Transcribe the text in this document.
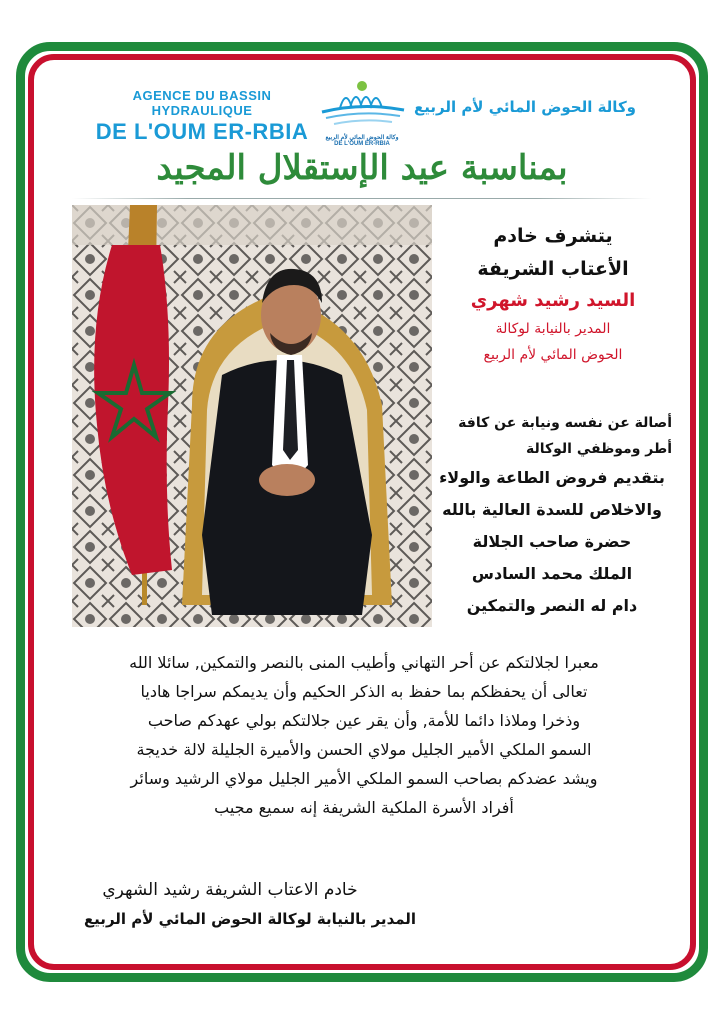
AGENCE DU BASSIN HYDRAULIQUE
DE L'OUM ER-RBIA	وكالة الحوض المائي لأم الربيع
DE L'OUM ER-RBIA
وكالة الحوض المائي لأم الربيع
بمناسبة عيد الإستقلال المجيد
يتشرف خادم
الأعتاب الشريفة
السيد رشيد شهري
المدير بالنيابة لوكالة
الحوض المائي لأم الربيع
أصالة عن نفسه ونيابة عن كافة
أطر وموظفي الوكالة
بتقديم فروض الطاعة والولاء
والاخلاص للسدة العالية بالله
حضرة صاحب الجلالة
الملك محمد السادس
دام له النصر والتمكين
معبرا لجلالتكم عن أحر التهاني وأطيب المنى بالنصر والتمكين, سائلا الله
تعالى أن يحفظكم بما حفظ به الذكر الحكيم وأن يديمكم سراجا هاديا
وذخرا وملاذا دائما للأمة, وأن يقر عين جلالتكم بولي عهدكم صاحب
السمو الملكي الأمير الجليل مولاي الحسن والأميرة الجليلة لالة خديجة
ويشد عضدكم بصاحب السمو الملكي الأمير الجليل مولاي الرشيد وسائر
أفراد الأسرة الملكية الشريفة إنه سميع مجيب
خادم الاعتاب الشريفة رشيد الشهري
المدير بالنيابة لوكالة الحوض المائي لأم الربيع
